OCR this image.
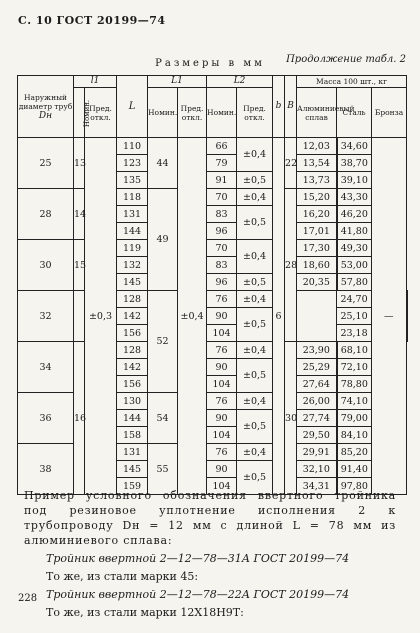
С. 10 ГОСТ 20199—74
Продолжение табл. 2
Размеры в мм
Наружный диаметр труб
Dн	l1		L	L1		L2		b	B	Масса 100 шт., кг			
	Номин.	Пред. откл.		Номин.	Пред. откл.	Номин.	Пред. откл.			Алюминиевый сплав	Сталь	Бронза	
25	13	±0,3	110	44	±0,4	66	±0,4	6	22	12,03	34,60	—	
			123			79				13,54	38,70		
			135			91	±0,5			13,73	39,10		
28	14		118	49		70	±0,4		28	15,20	43,30		
			131			83	±0,5			16,20	46,20		
			144			96				17,01	41,80		
30	15		119			70	±0,4			17,30	49,30		
			132			83				18,60	53,00		
			145			96	±0,5			20,35	57,80		
32			128	52		76	±0,4				24,70	
			142			90	±0,5				25,10	
			156			104					23,18	
34	16		128			76	±0,4		30	23,90	68,10		
			142			90	±0,5			25,29	72,10		
			156			104				27,64	78,80		
36			130	54		76	±0,4			26,00	74,10		
			144			90	±0,5			27,74	79,00		
			158			104				29,50	84,10		
38			131	55		76	±0,4			29,91	85,20		
			145			90	±0,5			32,10	91,40		
			159			104				34,31	97,80		

Пример условного обозначения ввертного тройника под резиновое уплотнение исполнения 2 к трубопроводу Dн = 12 мм с длиной L = 78 мм из алюминиевого сплава:

Тройник ввертной 2—12—78—31А ГОСТ 20199—74

То же, из стали марки 45:

Тройник ввертной 2—12—78—22А ГОСТ 20199—74

То же, из стали марки 12Х18Н9Т:

228
